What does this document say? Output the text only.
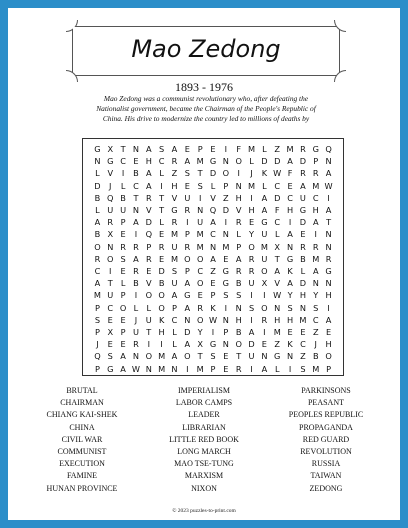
Mao Zedong
1893 - 1976
Mao Zedong was a communist revolutionary who, after defeating the Nationalist government, became the Chairman of the People's Republic of China. His drive to modernize the country led to millions of deaths by
G X T N A S A E P E	I	F M L Z M R G Q
N G C E H C R A M G N O L D D A D P N
L V	I	B A L Z S T D O	I	J	K W F R R A
D	J	L C A	I	H E S L P N M L C E A M W
B Q B T R T V U	I	V Z H	I	A D C U C	I
L U U N V T G R N Q D V H A F H G H A
A R P A D L R	I	U A	I	R E G C	I	D A T
B X E	I	Q E M P M C N L Y U L A E	I	N
O N R R P R U R M N M P O M X N R R N
R O S A R E M O O A E A R U T G B M R
C	I	E R E D S P C Z G R R O A K L A G
A T L B V B U A O E G B U X V A D N N
M U P	I	O O A G E P S S	I	I W Y H Y H
P C O L	L O P A R K	I	N S O N S N S	I
S E E	J	U K C N O W N H	I	R H H M C A
P X P U T H L D Y	I	P B A	I M E E Z E
J	E E R	I	I	L A X G N O D E Z K C	J	H
Q S A N O M A O T S E T U N G N Z B O
P G A W N M N	I M P E R	I	A L	I	S M P
BRUTAL
CHAIRMAN
CHIANG KAI-SHEK
CHINA
CIVIL WAR
COMMUNIST
EXECUTION
FAMINE
HUNAN PROVINCE
IMPERIALISM
LABOR CAMPS
LEADER
LIBRARIAN
LITTLE RED BOOK
LONG MARCH
MAO TSE-TUNG
MARXISM
NIXON
PARKINSONS
PEASANT
PEOPLES REPUBLIC
PROPAGANDA
RED GUARD
REVOLUTION
RUSSIA
TAIWAN
ZEDONG
© 2023 puzzles-to-print.com
